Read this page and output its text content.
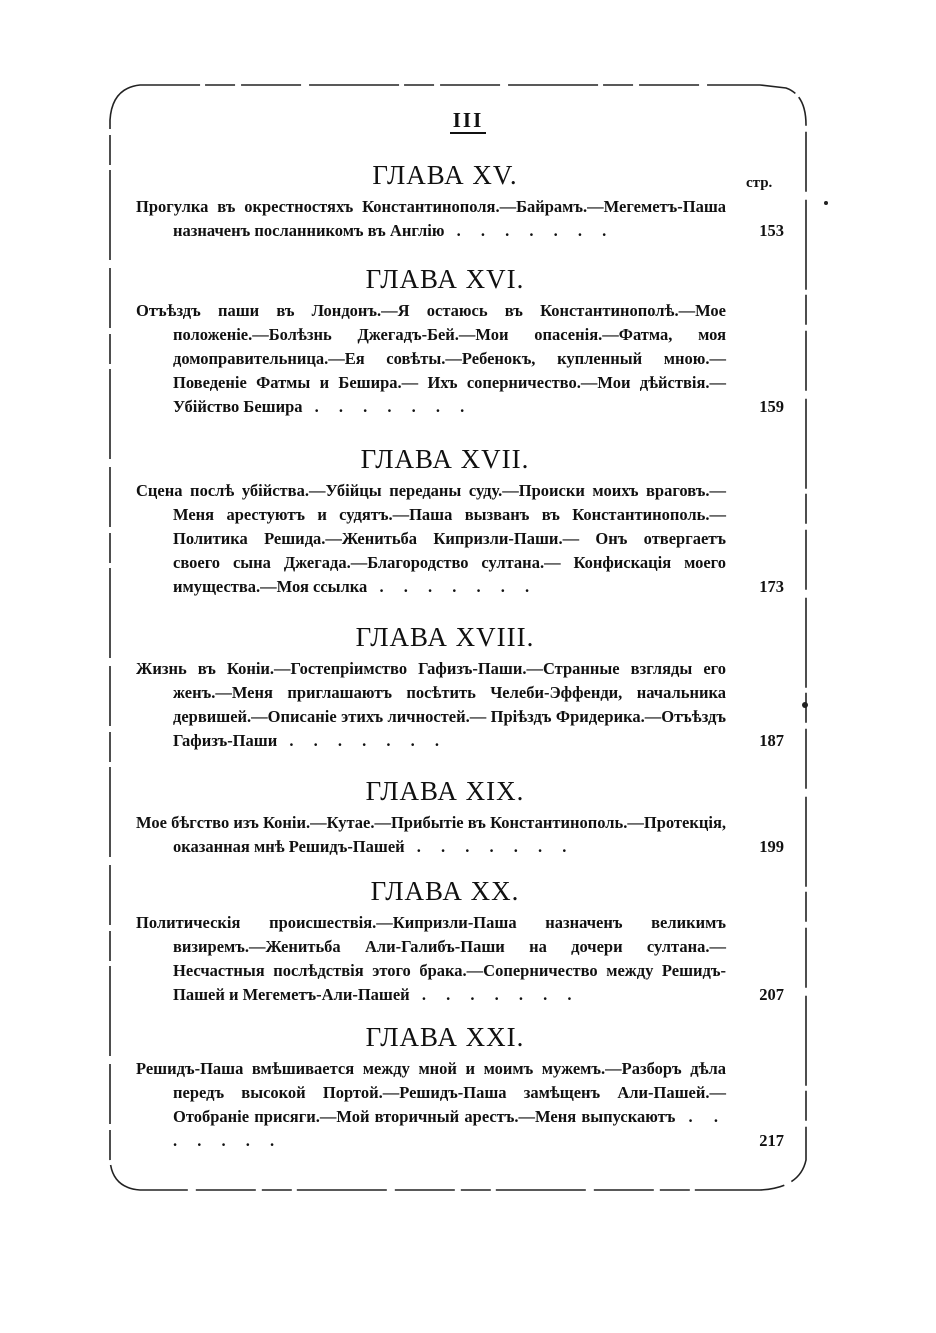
III
стр.
ГЛАВА XV.
Прогулка въ окрестностяхъ Константинополя.—Байрамъ.—Мегеметъ-Паша назначенъ посланникомъ въ Англію . . . . . . .	153
ГЛАВА XVI.
Отъѣздъ паши въ Лондонъ.—Я остаюсь въ Константинополѣ.—Мое положеніе.—Болѣзнь Джегадъ-Бей.—Мои опасенія.—Фатма, моя домоправительница.—Ея совѣты.—Ребенокъ, купленный мною.—Поведеніе Фатмы и Бешира.— Ихъ соперничество.—Мои дѣйствія.— Убійство Бешира . . . . . . .	159
ГЛАВА XVII.
Сцена послѣ убійства.—Убійцы переданы суду.—Происки моихъ враговъ.—Меня арестуютъ и судятъ.—Паша вызванъ въ Константинополь.— Политика Решида.—Женитьба Кипризли-Паши.— Онъ отвергаетъ своего сына Джегада.—Благородство султана.— Конфискація моего имущества.—Моя ссылка . . . . . . .	173
ГЛАВА XVIII.
Жизнь въ Коніи.—Гостепріимство Гафизъ-Паши.—Странные взгляды его женъ.—Меня приглашаютъ посѣтить Челеби-Эффенди, начальника дервишей.—Описаніе этихъ личностей.— Пріѣздъ Фридерика.—Отъѣздъ Гафизъ-Паши . . . . . . .	187
ГЛАВА XIX.
Мое бѣгство изъ Коніи.—Кутае.—Прибытіе въ Константинополь.—Протекція, оказанная мнѣ Решидъ-Пашей . . . . . . .	199
ГЛАВА XX.
Политическія происшествія.—Кипризли-Паша назначенъ великимъ визиремъ.—Женитьба Али-Галибъ-Паши на дочери султана.— Несчастныя послѣдствія этого брака.—Соперничество между Решидъ-Пашей и Мегеметъ-Али-Пашей . . . . . . .	207
ГЛАВА XXI.
Решидъ-Паша вмѣшивается между мной и моимъ мужемъ.—Разборъ дѣла передъ высокой Портой.—Решидъ-Паша замѣщенъ Али-Пашей.—Отобраніе присяги.—Мой вторичный арестъ.—Меня выпускаютъ . . . . . . .	217
